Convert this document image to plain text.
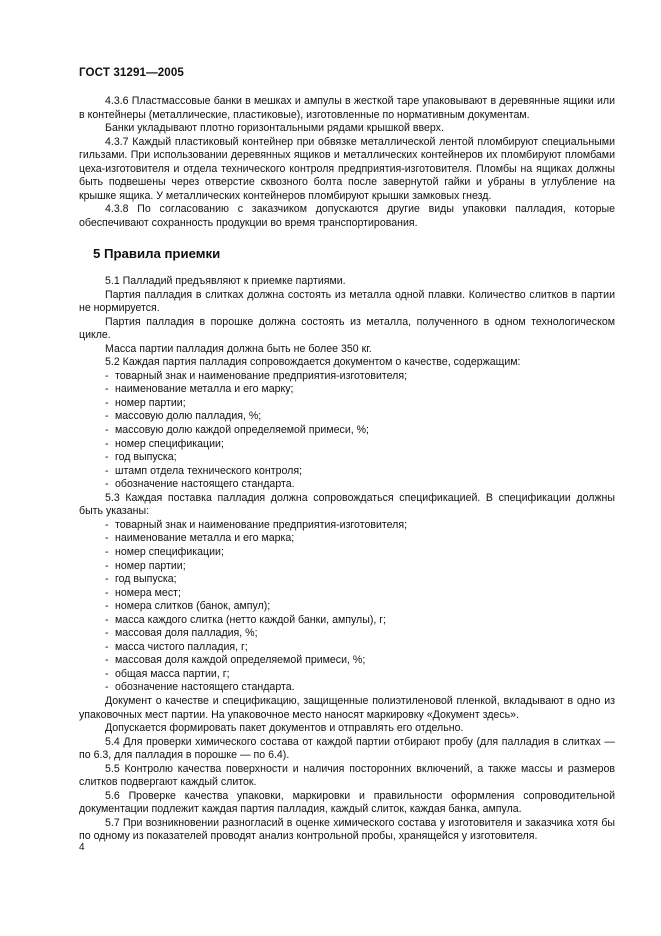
ГОСТ 31291—2005

4.3.6 Пластмассовые банки в мешках и ампулы в жесткой таре упаковывают в деревянные ящики или в контейнеры (металлические, пластиковые), изготовленные по нормативным документам.

Банки укладывают плотно горизонтальными рядами крышкой вверх.

4.3.7 Каждый пластиковый контейнер при обвязке металлической лентой пломбируют специальными гильзами. При использовании деревянных ящиков и металлических контейнеров их пломбируют пломбами цеха-изготовителя и отдела технического контроля предприятия-изготовителя. Пломбы на ящиках должны быть подвешены через отверстие сквозного болта после завернутой гайки и убраны в углубление на крышке ящика. У металлических контейнеров пломбируют крышки замковых гнезд.

4.3.8 По согласованию с заказчиком допускаются другие виды упаковки палладия, которые обеспечивают сохранность продукции во время транспортирования.

5 Правила приемки

5.1 Палладий предъявляют к приемке партиями.

Партия палладия в слитках должна состоять из металла одной плавки. Количество слитков в партии не нормируется.

Партия палладия в порошке должна состоять из металла, полученного в одном технологическом цикле.

Масса партии палладия должна быть не более 350 кг.

5.2 Каждая партия палладия сопровождается документом о качестве, содержащим:

- товарный знак и наименование предприятия-изготовителя;

- наименование металла и его марку;

- номер партии;

- массовую долю палладия, %;

- массовую долю каждой определяемой примеси, %;

- номер спецификации;

- год выпуска;

- штамп отдела технического контроля;

- обозначение настоящего стандарта.

5.3 Каждая поставка палладия должна сопровождаться спецификацией. В спецификации должны быть указаны:

- товарный знак и наименование предприятия-изготовителя;

- наименование металла и его марка;

- номер спецификации;

- номер партии;

- год выпуска;

- номера мест;

- номера слитков (банок, ампул);

- масса каждого слитка (нетто каждой банки, ампулы), г;

- массовая доля палладия, %;

- масса чистого палладия, г;

- массовая доля каждой определяемой примеси, %;

- общая масса партии, г;

- обозначение настоящего стандарта.

Документ о качестве и спецификацию, защищенные полиэтиленовой пленкой, вкладывают в одно из упаковочных мест партии. На упаковочное место наносят маркировку «Документ здесь».

Допускается формировать пакет документов и отправлять его отдельно.

5.4 Для проверки химического состава от каждой партии отбирают пробу (для палладия в слитках — по 6.3, для палладия в порошке — по 6.4).

5.5 Контролю качества поверхности и наличия посторонних включений, а также массы и размеров слитков подвергают каждый слиток.

5.6 Проверке качества упаковки, маркировки и правильности оформления сопроводительной документации подлежит каждая партия палладия, каждый слиток, каждая банка, ампула.

5.7 При возникновении разногласий в оценке химического состава у изготовителя и заказчика хотя бы по одному из показателей проводят анализ контрольной пробы, хранящейся у изготовителя.

4
